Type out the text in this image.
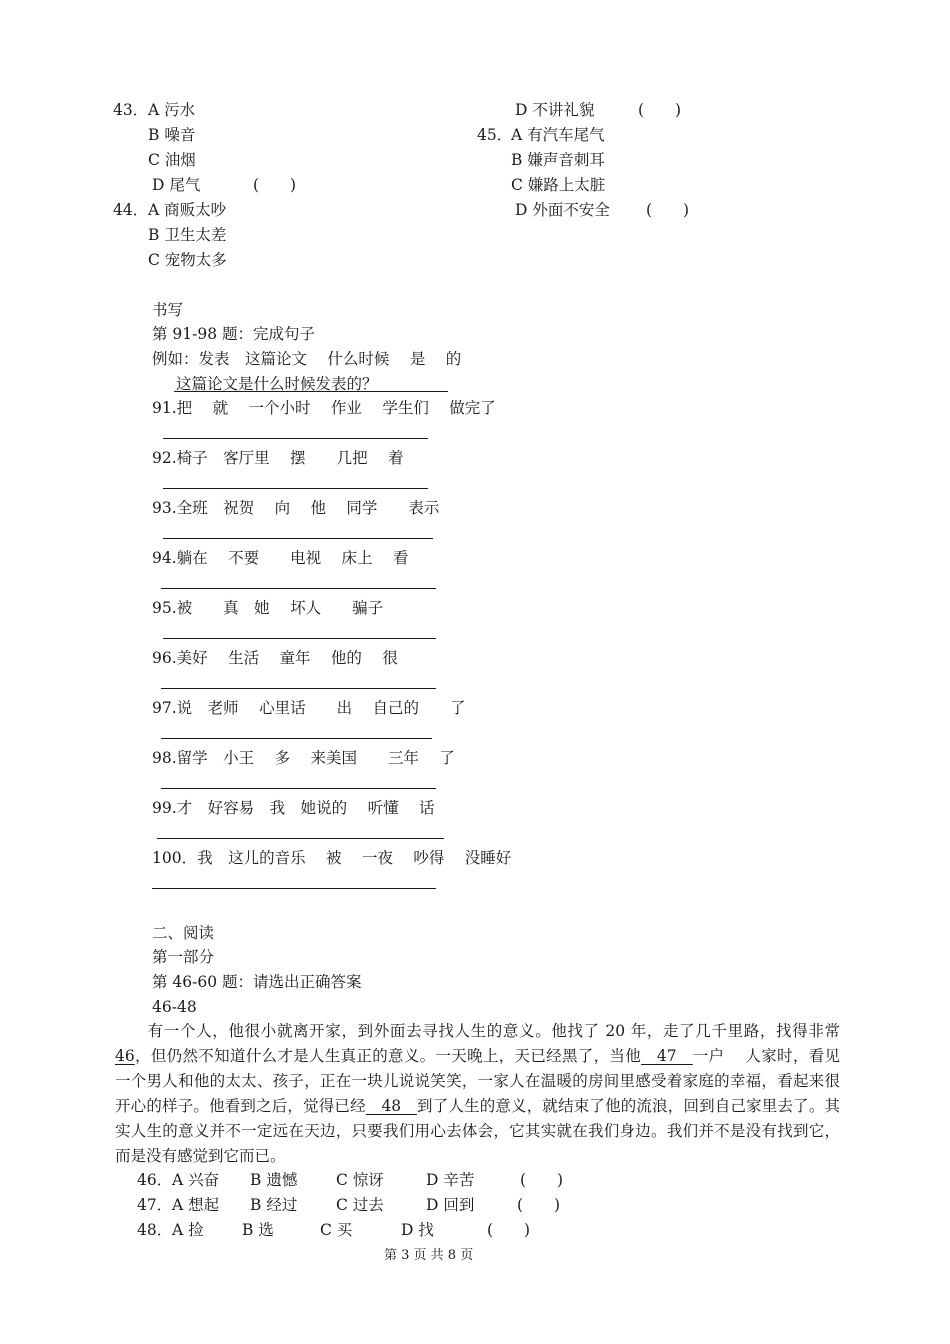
43． A 污水
B 噪音
C 油烟
D 尾气	(　　)
44． A 商贩太吵
B 卫生太差
C 宠物太多
D 不讲礼貌	(　　)
45．
A 有汽车尾气
B 嫌声音刺耳
C 嫌路上太脏
D 外面不安全 (　　)
书写
第 91-98 题：完成句子
例如：发表　这篇论文　 什么时候　 是　 的
这篇论文是什么时候发表的？
91.把　 就　 一个小时　 作业　 学生们　 做完了
92.椅子　客厅里　 摆　　几把　 着
93.全班　祝贺　 向　 他　 同学　　表示
94.躺在　 不要　　电视　 床上　 看
95.被　　真　她　 坏人　　骗子
96.美好　 生活　 童年　 他的　 很
97.说　老师　 心里话　　出　 自己的　　了
98.留学　小王　 多　 来美国　　三年　 了
99.才　好容易　我　她说的　 听懂　 话
100．我　这儿的音乐　 被　 一夜　 吵得　 没睡好
二、阅读
第一部分
第 46-60 题：请选出正确答案
46-48
有一个人，他很小就离开家，到外面去寻找人生的意义。他找了 20 年，走了几千里路，找得非常46，但仍然不知道什么才是人生真正的意义。一天晚上，天已经黑了，当他　47　一户　 人家时，看见一个男人和他的太太、孩子，正在一块儿说说笑笑，一家人在温暖的房间里感受着家庭的幸福，看起来很开心的样子。他看到之后，觉得已经　48　到了人生的意义，就结束了他的流浪，回到自己家里去了。其实人生的意义并不一定远在天边，只要我们用心去体会，它其实就在我们身边。我们并不是没有找到它，而是没有感觉到它而已。
46． A 兴奋 B 遗憾 C 惊讶	D 辛苦	(　　)
47． A 想起 B 经过 C 过去	D 回到	(　　)
48． A 捡 B 选	C 买	D 找	(　　)
第 3 页 共 8 页
